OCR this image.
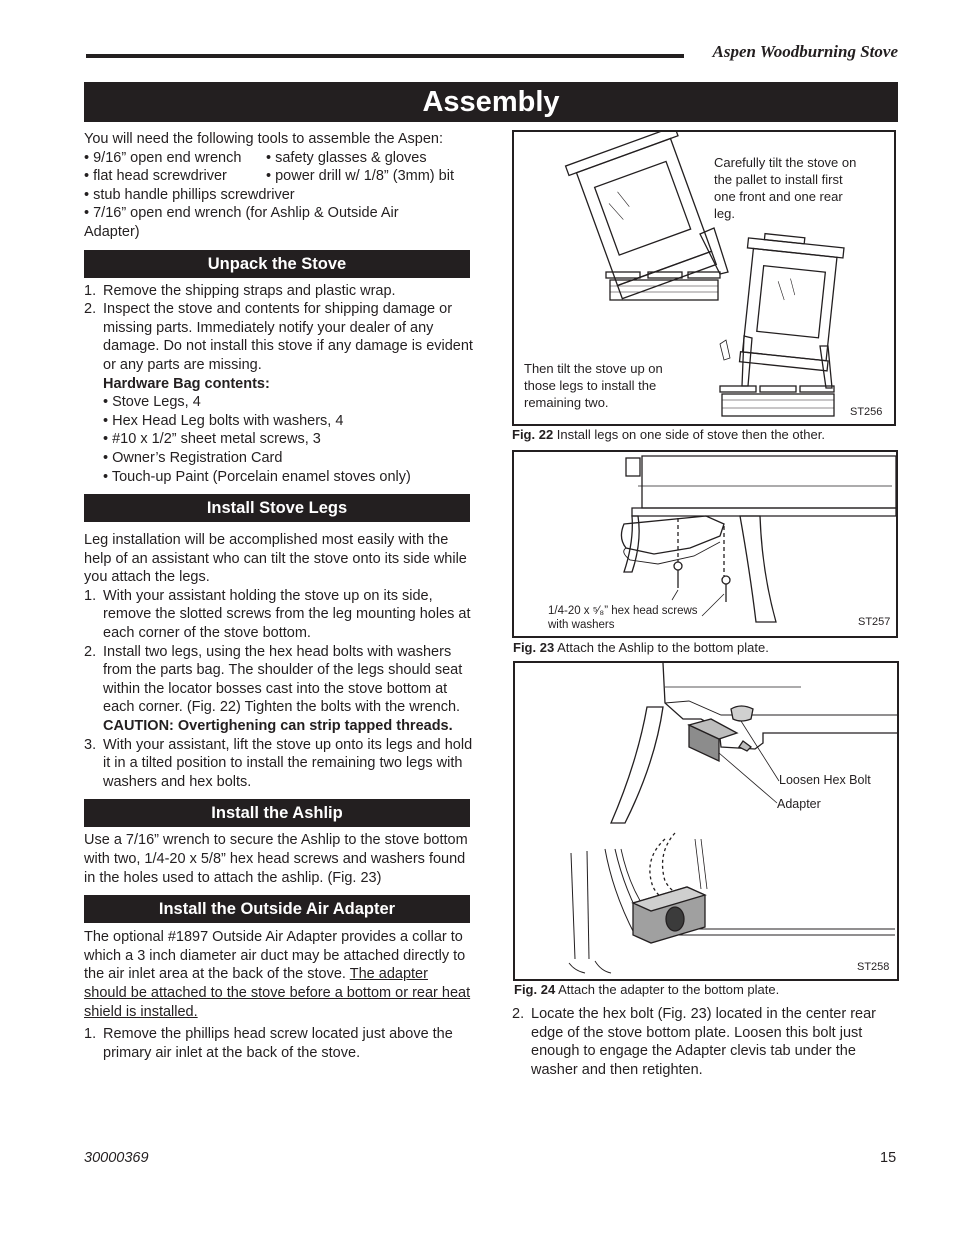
Aspen Woodburning Stove
Assembly

You will need the following tools to assemble the Aspen:

• 9/16” open end wrench	• safety glasses & gloves
• flat head screwdriver	• power drill w/ 1/8” (3mm) bit

• stub handle phillips screwdriver

• 7/16” open end wrench (for Ashlip & Outside Air Adapter)

Unpack the Stove
1. Remove the shipping straps and plastic wrap.
2. Inspect the stove and contents for shipping damage or missing parts. Immediately notify your dealer of any damage. Do not install this stove if any damage is evident or any parts are missing.
Hardware Bag contents:
• Stove Legs, 4
• Hex Head Leg bolts with washers, 4
• #10 x 1/2” sheet metal screws, 3
• Owner’s Registration Card
• Touch-up Paint (Porcelain enamel stoves only)
Install Stove Legs

Leg installation will be accomplished most easily with the help of an assistant who can tilt the stove onto its side while you attach the legs.

1. With your assistant holding the stove up on its side, remove the slotted screws from the leg mounting holes at each corner of the stove bottom.
2. Install two legs, using the hex head bolts with washers from the parts bag. The shoulder of the legs should seat within the locator bosses cast into the stove bottom at each corner. (Fig. 22) Tighten the bolts with the wrench. CAUTION: Overtighening can strip tapped threads.
3. With your assistant, lift the stove up onto its legs and hold it in a tilted position to install the remaining two legs with washers and hex bolts.
Install the Ashlip

Use a 7/16” wrench to secure the Ashlip to the stove bottom with two, 1/4-20 x 5/8” hex head screws and washers found in the holes used to attach the ashlip. (Fig. 23)

Install the Outside Air Adapter

The optional #1897 Outside Air Adapter provides a collar to which a 3 inch diameter air duct may be attached directly to the air inlet area at the back of the stove. The adapter should be attached to the stove before a bottom or rear heat shield is installed.

1. Remove the phillips head screw located just above the primary air inlet at the back of the stove.
Carefully tilt the stove on the pallet to install first one front and one rear leg.
Then tilt the stove up on those legs to install the remaining two.
ST256
Fig. 22 Install legs on one side of stove then the other.
1/4-20 x ⁵⁄₈” hex head screws with washers	ST257
Fig. 23 Attach the Ashlip to the bottom plate.
Loosen Hex Bolt
Adapter
ST258
Fig. 24 Attach the adapter to the bottom plate.
2. Locate the hex bolt (Fig. 23) located in the center rear edge of the stove bottom plate. Loosen this bolt just enough to engage the Adapter clevis tab under the washer and then retighten.
30000369	15
